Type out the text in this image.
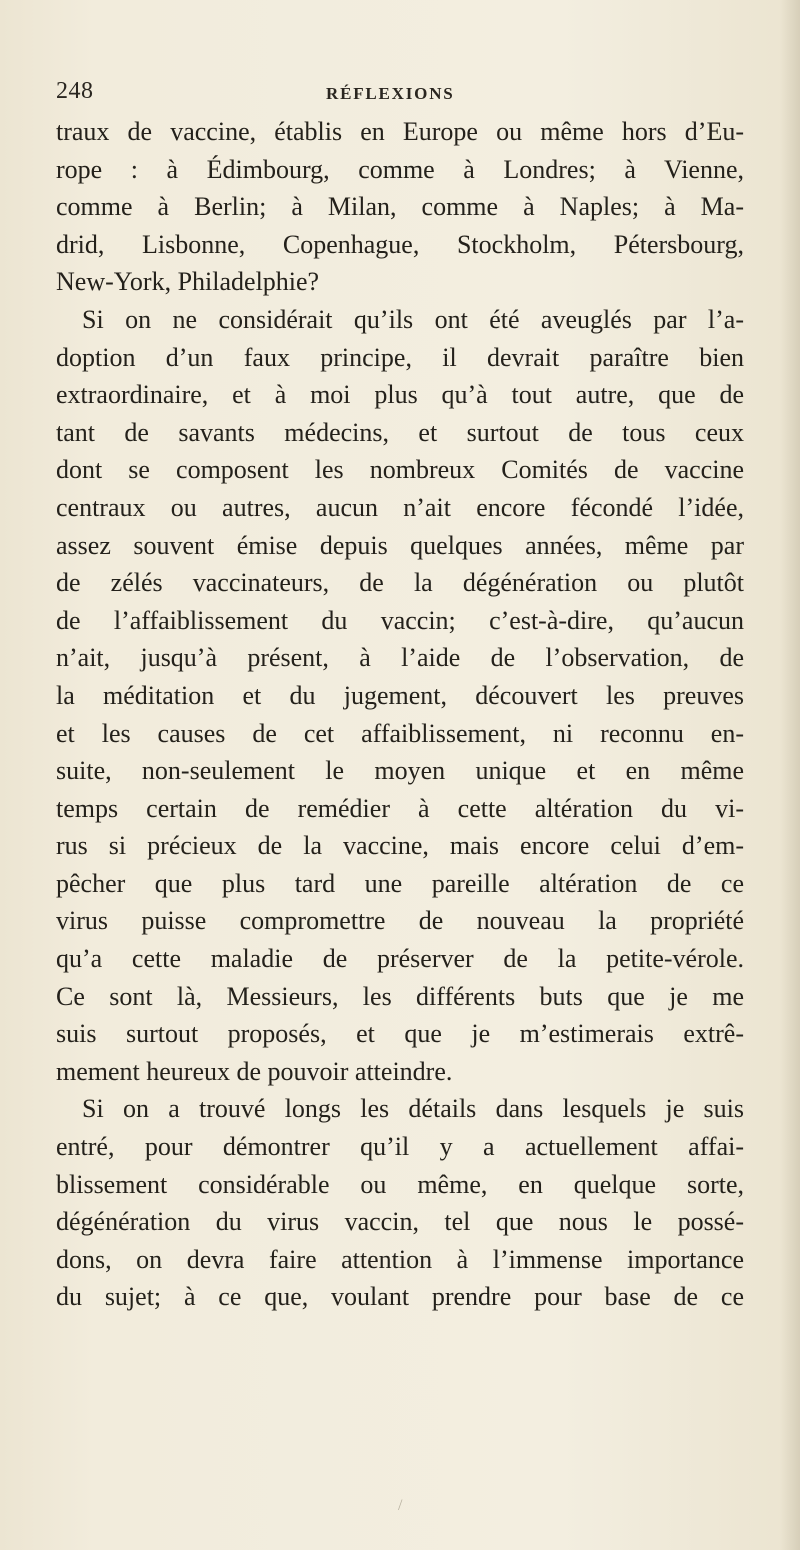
248	RÉFLEXIONS
traux de vaccine, établis en Europe ou même hors d’Eu-
rope : à Édimbourg, comme à Londres; à Vienne,
comme à Berlin; à Milan, comme à Naples; à Ma-
drid, Lisbonne, Copenhague, Stockholm, Pétersbourg,
New-York, Philadelphie?
Si on ne considérait qu’ils ont été aveuglés par l’a-
doption d’un faux principe, il devrait paraître bien
extraordinaire, et à moi plus qu’à tout autre, que de
tant de savants médecins, et surtout de tous ceux
dont se composent les nombreux Comités de vaccine
centraux ou autres, aucun n’ait encore fécondé l’idée,
assez souvent émise depuis quelques années, même par
de zélés vaccinateurs, de la dégénération ou plutôt
de l’affaiblissement du vaccin; c’est-à-dire, qu’aucun
n’ait, jusqu’à présent, à l’aide de l’observation, de
la méditation et du jugement, découvert les preuves
et les causes de cet affaiblissement, ni reconnu en-
suite, non-seulement le moyen unique et en même
temps certain de remédier à cette altération du vi-
rus si précieux de la vaccine, mais encore celui d’em-
pêcher que plus tard une pareille altération de ce
virus puisse compromettre de nouveau la propriété
qu’a cette maladie de préserver de la petite-vérole.
Ce sont là, Messieurs, les différents buts que je me
suis surtout proposés, et que je m’estimerais extrê-
mement heureux de pouvoir atteindre.
Si on a trouvé longs les détails dans lesquels je suis
entré, pour démontrer qu’il y a actuellement affai-
blissement considérable ou même, en quelque sorte,
dégénération du virus vaccin, tel que nous le possé-
dons, on devra faire attention à l’immense importance
du sujet; à ce que, voulant prendre pour base de ce
/
